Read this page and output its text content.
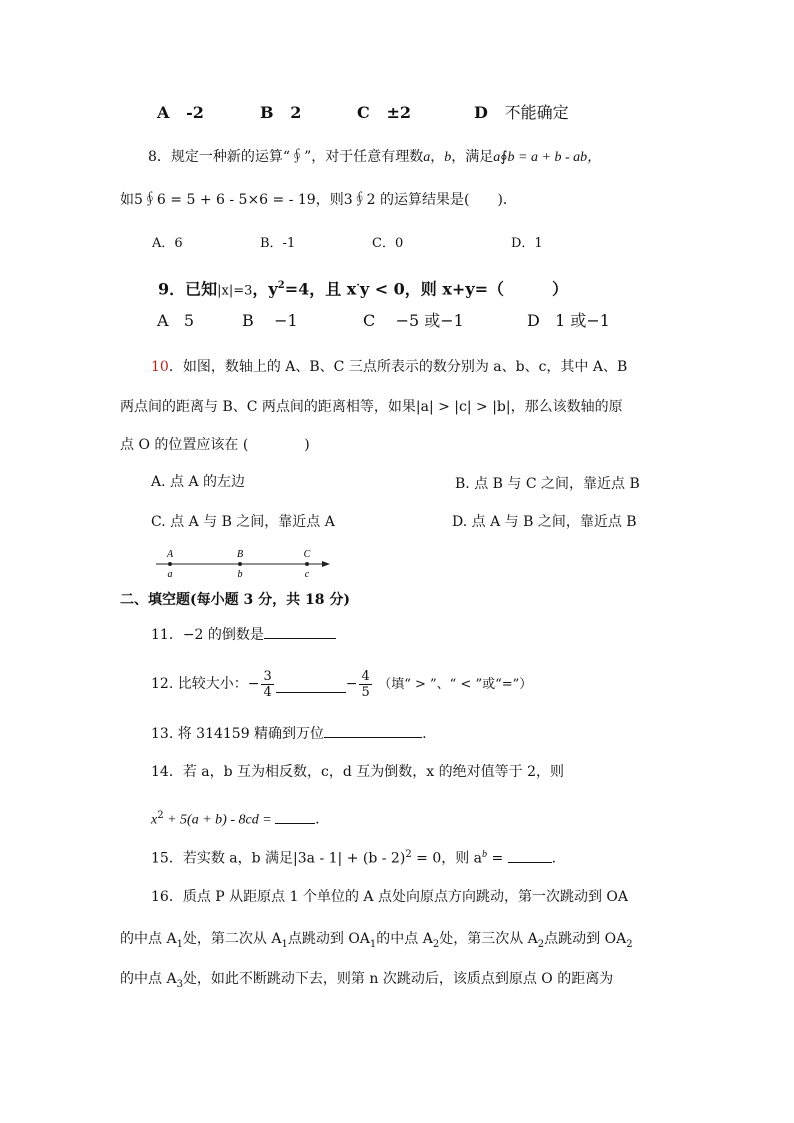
A -2	B 2	C ±2	D 不能确定
8．规定一种新的运算“∮”，对于任意有理数a，b，满足a∮b = a + b ‑ ab，
如5∮6 = 5 + 6 ‑ 5×6 = ‑ 19，则3∮2 的运算结果是(　　)．
A．6	B．‑1	C．0	D．1
9．已知|x|=3，$y^2=4$，且 x·y < 0，则 x+y=（　　　）
A 5	B −1	C −5 或−1	D 1 或−1
10．如图，数轴上的 A、B、C 三点所表示的数分别为 a、b、c，其中 A、B
两点间的距离与 B、C 两点间的距离相等，如果|a| > |c| > |b|，那么该数轴的原
点 O 的位置应该在 (　　　　)
A. 点 A 的左边	B. 点 B 与 C 之间，靠近点 B
C. 点 A 与 B 之间，靠近点 A	D. 点 A 与 B 之间，靠近点 B
A	B	C
a	b	c
二、填空题(每小题 3 分，共 18 分)
11．−2 的倒数是
12. 比较大小：− $\frac{3}{4}$	− $\frac{4}{5}$ （填“ > ”、“ < ”或“=”）
13. 将 314159 精确到万位	.
14．若 a，b 互为相反数，c，d 互为倒数，x 的绝对值等于 2，则
$x^2 + 5(a + b)$ ‑ 8cd =	.
15．若实数 a，b 满足|3a ‑ 1| + (b ‑ 2)$^2$ = 0，则 $a^b$ =	.
16．质点 P 从距原点 1 个单位的 A 点处向原点方向跳动，第一次跳动到 OA
的中点 $A_1$处，第二次从 $A_1$点跳动到 $OA_1$的中点 $A_2$处，第三次从 $A_2$点跳动到 $OA_2$
的中点 $A_3$处，如此不断跳动下去，则第 n 次跳动后，该质点到原点 O 的距离为
